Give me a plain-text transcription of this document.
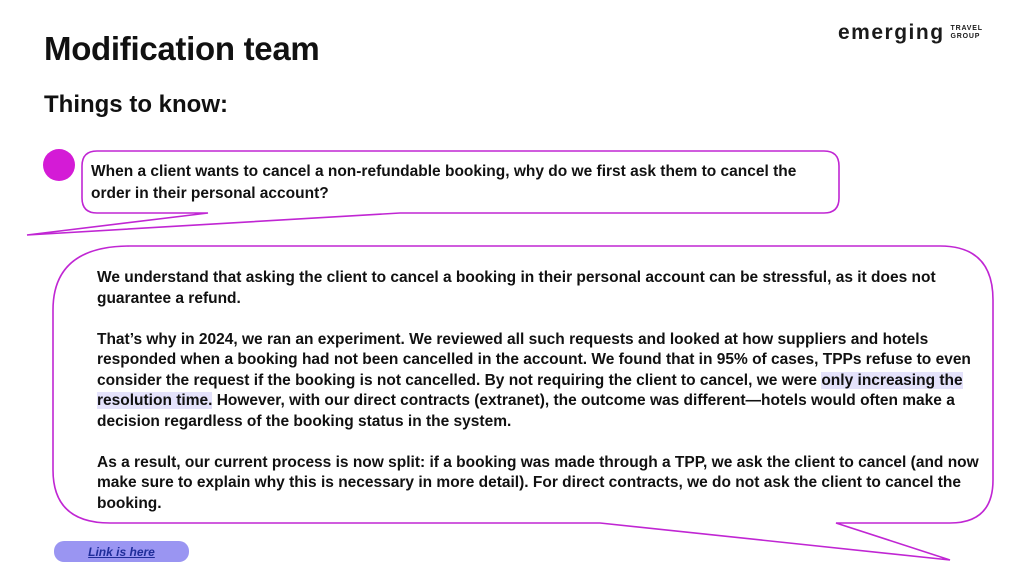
Modification team
Things to know:
emerging TRAVEL
GROUP
When a client wants to cancel a non-refundable booking, why do we first ask them to cancel the order in their personal account?

We understand that asking the client to cancel a booking in their personal account can be stressful, as it does not guarantee a refund.

That’s why in 2024, we ran an experiment. We reviewed all such requests and looked at how suppliers and hotels responded when a booking had not been cancelled in the account. We found that in 95% of cases, TPPs refuse to even consider the request if the booking is not cancelled. By not requiring the client to cancel, we were only increasing the resolution time. However, with our direct contracts (extranet), the outcome was different—hotels would often make a decision regardless of the booking status in the system.

As a result, our current process is now split: if a booking was made through a TPP, we ask the client to cancel (and now make sure to explain why this is necessary in more detail). For direct contracts, we do not ask the client to cancel the booking.

Link is here
